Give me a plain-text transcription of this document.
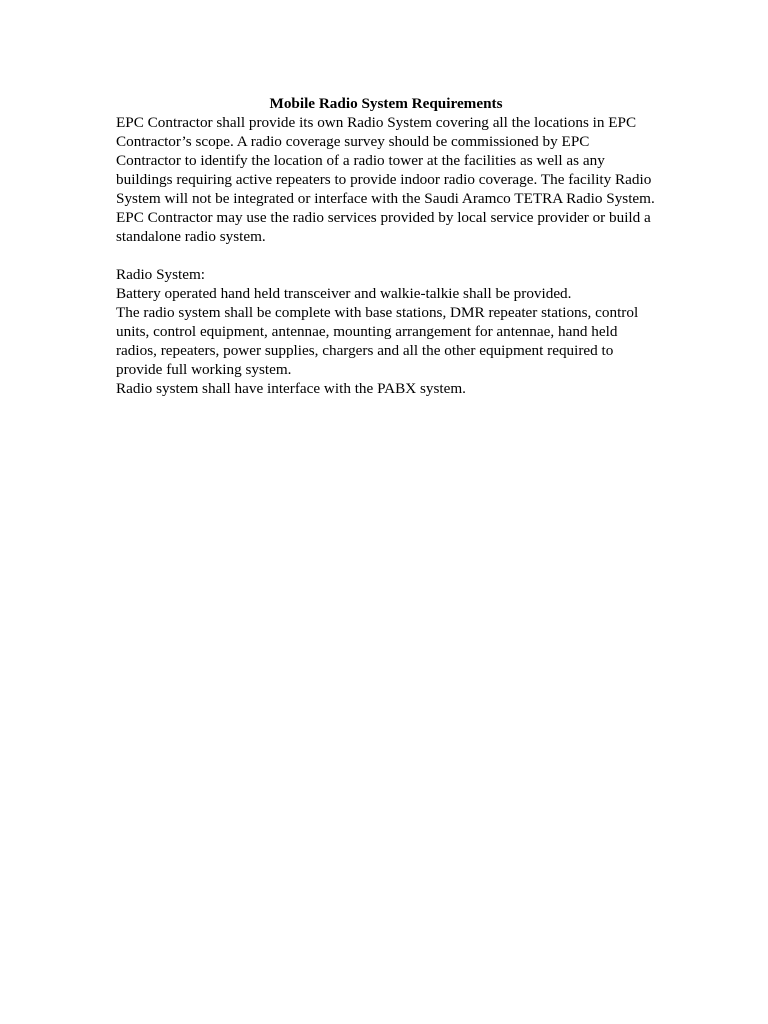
Mobile Radio System Requirements

EPC Contractor shall provide its own Radio System covering all the locations in EPC Contractor’s scope. A radio coverage survey should be commissioned by EPC Contractor to identify the location of a radio tower at the facilities as well as any buildings requiring active repeaters to provide indoor radio coverage. The facility Radio System will not be integrated or interface with the Saudi Aramco TETRA Radio System.

EPC Contractor may use the radio services provided by local service provider or build a standalone radio system.

Radio System:

Battery operated hand held transceiver and walkie-talkie shall be provided.

The radio system shall be complete with base stations, DMR repeater stations, control units, control equipment, antennae, mounting arrangement for antennae, hand held radios, repeaters, power supplies, chargers and all the other equipment required to provide full working system.

Radio system shall have interface with the PABX system.
